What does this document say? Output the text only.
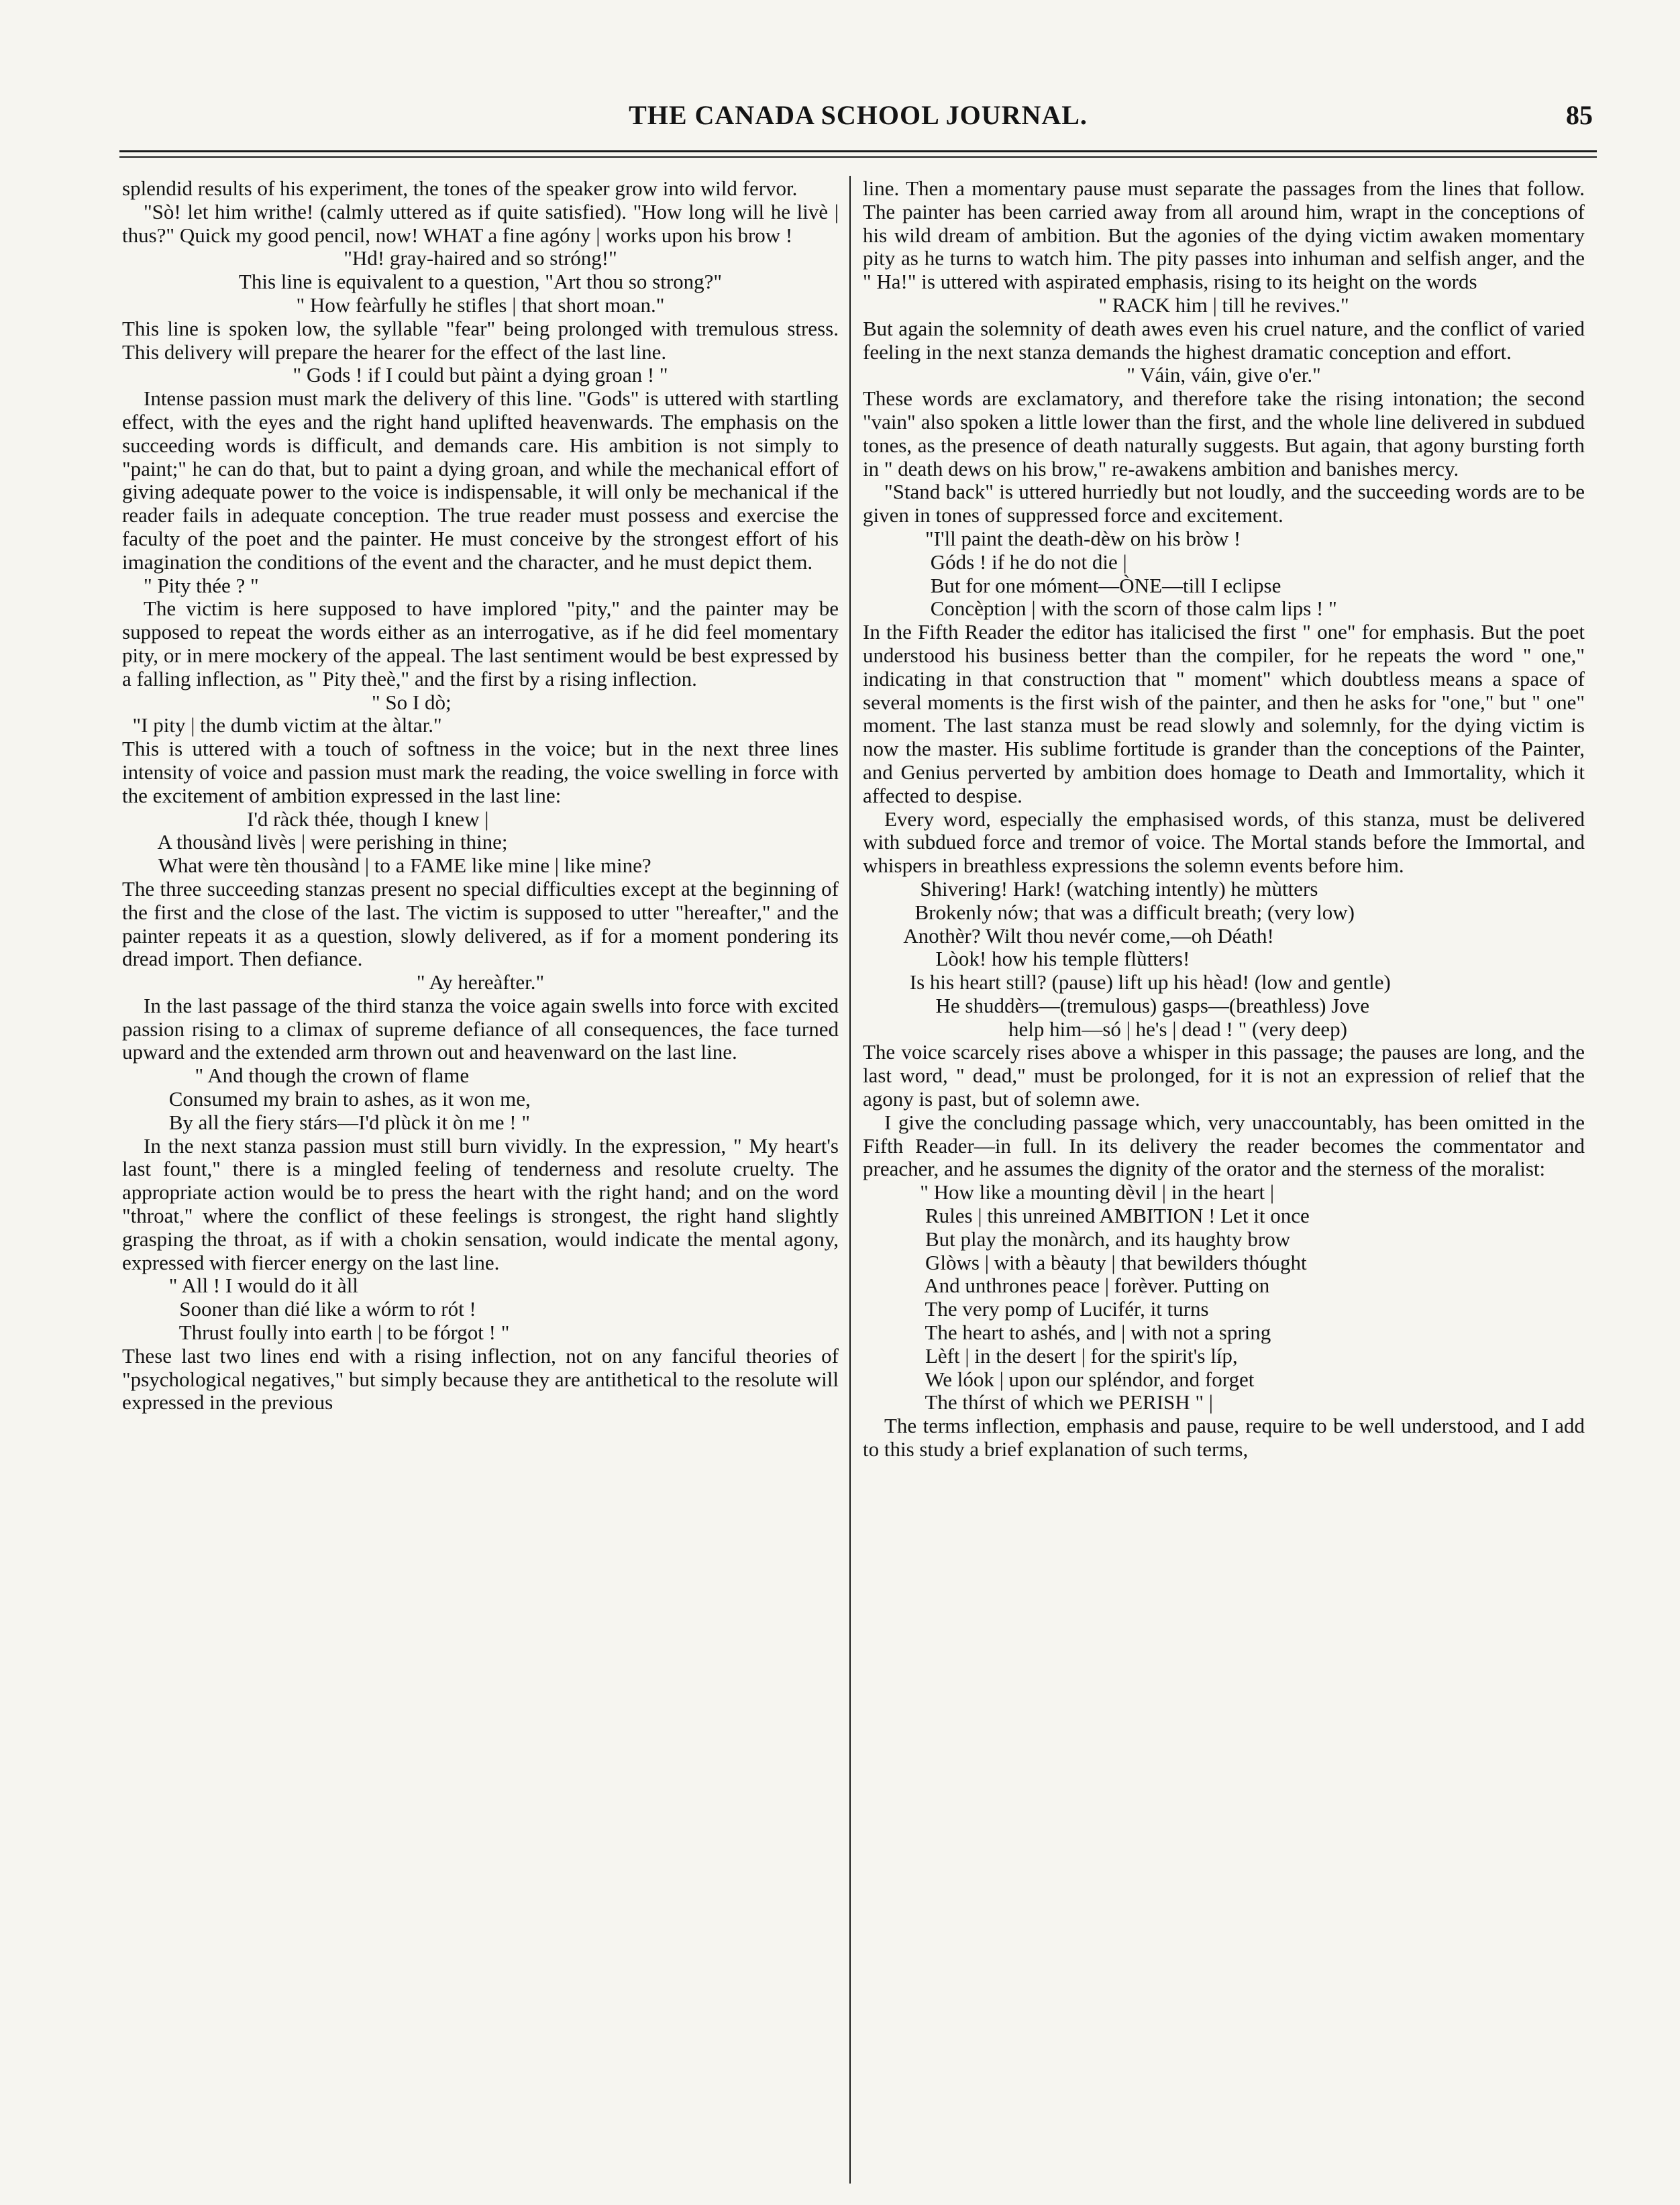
THE CANADA SCHOOL JOURNAL.	85

splendid results of his experiment, the tones of the speaker grow into wild fervor.

"Sò! let him writhe! (calmly uttered as if quite satisfied). "How long will he livè | thus?" Quick my good pencil, now! WHAT a fine agóny | works upon his brow !

"Hd! gray-haired and so stróng!"

This line is equivalent to a question, "Art thou so strong?"

" How feàrfully he stifles | that short moan."

This line is spoken low, the syllable "fear" being prolonged with tremulous stress. This delivery will prepare the hearer for the effect of the last line.

" Gods ! if I could but pàint a dying groan ! "

Intense passion must mark the delivery of this line. "Gods" is uttered with startling effect, with the eyes and the right hand uplifted heavenwards. The emphasis on the succeeding words is difficult, and demands care. His ambition is not simply to "paint;" he can do that, but to paint a dying groan, and while the mechanical effort of giving adequate power to the voice is indispensable, it will only be mechanical if the reader fails in adequate conception. The true reader must possess and exercise the faculty of the poet and the painter. He must conceive by the strongest effort of his imagination the conditions of the event and the character, and he must depict them.

" Pity thée ? "

The victim is here supposed to have implored "pity," and the painter may be supposed to repeat the words either as an interrogative, as if he did feel momentary pity, or in mere mockery of the appeal. The last sentiment would be best expressed by a falling inflection, as " Pity theè," and the first by a rising inflection.

" So I dò;

"I pity | the dumb victim at the àltar."

This is uttered with a touch of softness in the voice; but in the next three lines intensity of voice and passion must mark the reading, the voice swelling in force with the excitement of ambition expressed in the last line:

I'd ràck thée, though I knew |
A thousànd livès | were perishing in thine;
What were tèn thousànd | to a FAME like mine | like mine?

The three succeeding stanzas present no special difficulties except at the beginning of the first and the close of the last. The victim is supposed to utter "hereafter," and the painter repeats it as a question, slowly delivered, as if for a moment pondering its dread import. Then defiance.

" Ay hereàfter."

In the last passage of the third stanza the voice again swells into force with excited passion rising to a climax of supreme defiance of all consequences, the face turned upward and the extended arm thrown out and heavenward on the last line.

" And though the crown of flame
Consumed my brain to ashes, as it won me,
By all the fiery stárs—I'd plùck it òn me ! "

In the next stanza passion must still burn vividly. In the expression, " My heart's last fount," there is a mingled feeling of tenderness and resolute cruelty. The appropriate action would be to press the heart with the right hand; and on the word "throat," where the conflict of these feelings is strongest, the right hand slightly grasping the throat, as if with a chokin sensation, would indicate the mental agony, expressed with fiercer energy on the last line.

" All ! I would do it àll
Sooner than dié like a wórm to rót !
Thrust foully into earth | to be fórgot ! "

These last two lines end with a rising inflection, not on any fanciful theories of "psychological negatives," but simply because they are antithetical to the resolute will expressed in the previous

line. Then a momentary pause must separate the passages from the lines that follow. The painter has been carried away from all around him, wrapt in the conceptions of his wild dream of ambition. But the agonies of the dying victim awaken momentary pity as he turns to watch him. The pity passes into inhuman and selfish anger, and the " Ha!" is uttered with aspirated emphasis, rising to its height on the words

" RACK him | till he revives."

But again the solemnity of death awes even his cruel nature, and the conflict of varied feeling in the next stanza demands the highest dramatic conception and effort.

" Váin, váin, give o'er."

These words are exclamatory, and therefore take the rising intonation; the second "vain" also spoken a little lower than the first, and the whole line delivered in subdued tones, as the presence of death naturally suggests. But again, that agony bursting forth in " death dews on his brow," re-awakens ambition and banishes mercy.

"Stand back" is uttered hurriedly but not loudly, and the succeeding words are to be given in tones of suppressed force and excitement.

"I'll paint the death-dèw on his bròw !
Góds ! if he do not die |
But for one móment—ÒNE—till I eclipse
Concèption | with the scorn of those calm lips ! "

In the Fifth Reader the editor has italicised the first " one" for emphasis. But the poet understood his business better than the compiler, for he repeats the word " one," indicating in that construction that " moment" which doubtless means a space of several moments is the first wish of the painter, and then he asks for "one," but " one" moment. The last stanza must be read slowly and solemnly, for the dying victim is now the master. His sublime fortitude is grander than the conceptions of the Painter, and Genius perverted by ambition does homage to Death and Immortality, which it affected to despise.

Every word, especially the emphasised words, of this stanza, must be delivered with subdued force and tremor of voice. The Mortal stands before the Immortal, and whispers in breathless expressions the solemn events before him.

Shivering! Hark! (watching intently) he mùtters
Brokenly nów; that was a difficult breath; (very low)
Anothèr? Wilt thou nevér come,—oh Déath!
Lòok! how his temple flùtters!
Is his heart still? (pause) lift up his hèad! (low and gentle)
He shuddèrs—(tremulous) gasps—(breathless) Jove
help him—só | he's | dead ! " (very deep)

The voice scarcely rises above a whisper in this passage; the pauses are long, and the last word, " dead," must be prolonged, for it is not an expression of relief that the agony is past, but of solemn awe.

I give the concluding passage which, very unaccountably, has been omitted in the Fifth Reader—in full. In its delivery the reader becomes the commentator and preacher, and he assumes the dignity of the orator and the sterness of the moralist:

" How like a mounting dèvil | in the heart |
Rules | this unreined AMBITION ! Let it once
But play the monàrch, and its haughty brow
Glòws | with a bèauty | that bewilders thóught
And unthrones peace | forèver. Putting on
The very pomp of Lucifér, it turns
The heart to ashés, and | with not a spring
Lèft | in the desert | for the spirit's líp,
We lóok | upon our spléndor, and forget
The thírst of which we PERISH " |

The terms inflection, emphasis and pause, require to be well understood, and I add to this study a brief explanation of such terms,
